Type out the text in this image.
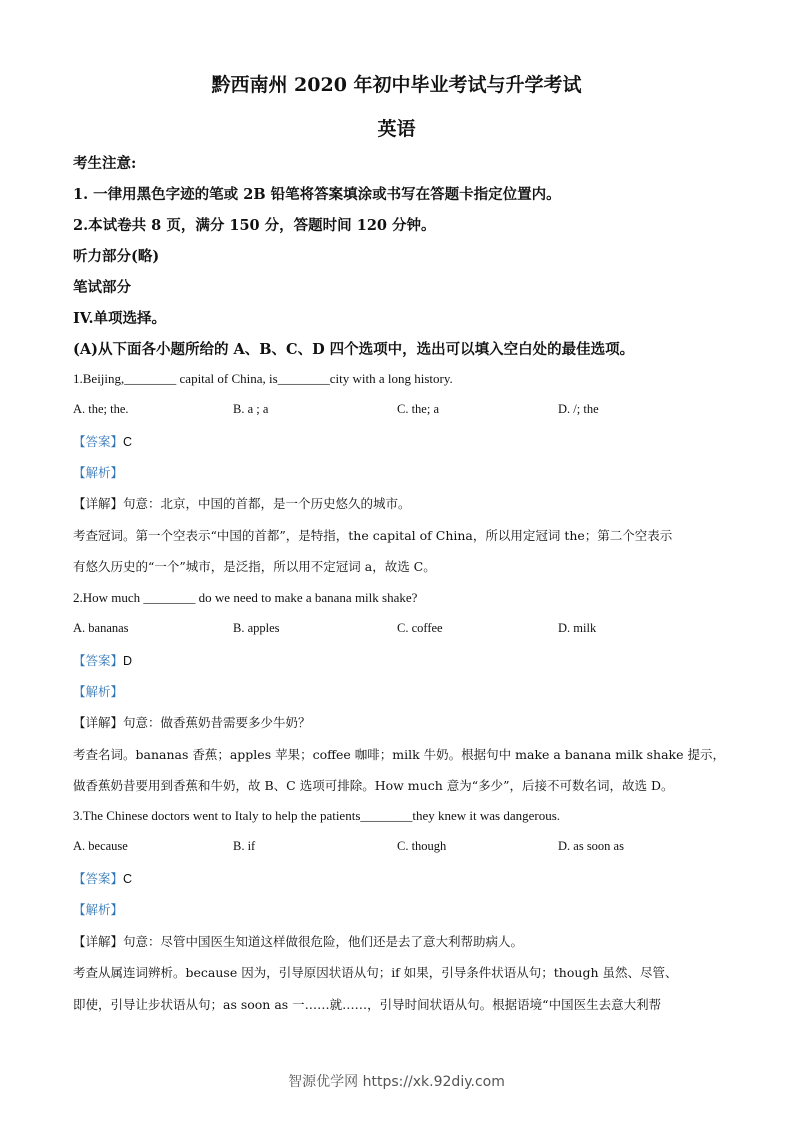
黔西南州 2020 年初中毕业考试与升学考试
英语
考生注意:
1. 一律用黑色字迹的笔或 2B 铅笔将答案填涂或书写在答题卡指定位置内。
2.本试卷共 8 页，满分 150 分，答题时间 120 分钟。
听力部分(略)
笔试部分
IV.单项选择。
(A)从下面各小题所给的 A、B、C、D 四个选项中，选出可以填入空白处的最佳选项。
1.Beijing,________ capital of China, is________city with a long history.
A. the; the.	B. a ; a	C. the; a	D. /; the
【答案】C
【解析】
【详解】句意：北京，中国的首都，是一个历史悠久的城市。
考查冠词。第一个空表示“中国的首都”，是特指，the capital of China，所以用定冠词 the；第二个空表示
有悠久历史的“一个”城市，是泛指，所以用不定冠词 a，故选 C。
2.How much ________ do we need to make a banana milk shake?
A. bananas	B. apples	C. coffee	D. milk
【答案】D
【解析】
【详解】句意：做香蕉奶昔需要多少牛奶？
考查名词。bananas 香蕉；apples 苹果；coffee 咖啡；milk 牛奶。根据句中 make a banana milk shake 提示，
做香蕉奶昔要用到香蕉和牛奶，故 B、C 选项可排除。How much 意为“多少”，后接不可数名词，故选 D。
3.The Chinese doctors went to Italy to help the patients________they knew it was dangerous.
A. because	B. if	C. though	D. as soon as
【答案】C
【解析】
【详解】句意：尽管中国医生知道这样做很危险，他们还是去了意大利帮助病人。
考查从属连词辨析。because 因为，引导原因状语从句；if 如果，引导条件状语从句；though 虽然、尽管、
即使，引导让步状语从句；as soon as 一……就……，引导时间状语从句。根据语境“中国医生去意大利帮
智源优学网 https://xk.92diy.com
